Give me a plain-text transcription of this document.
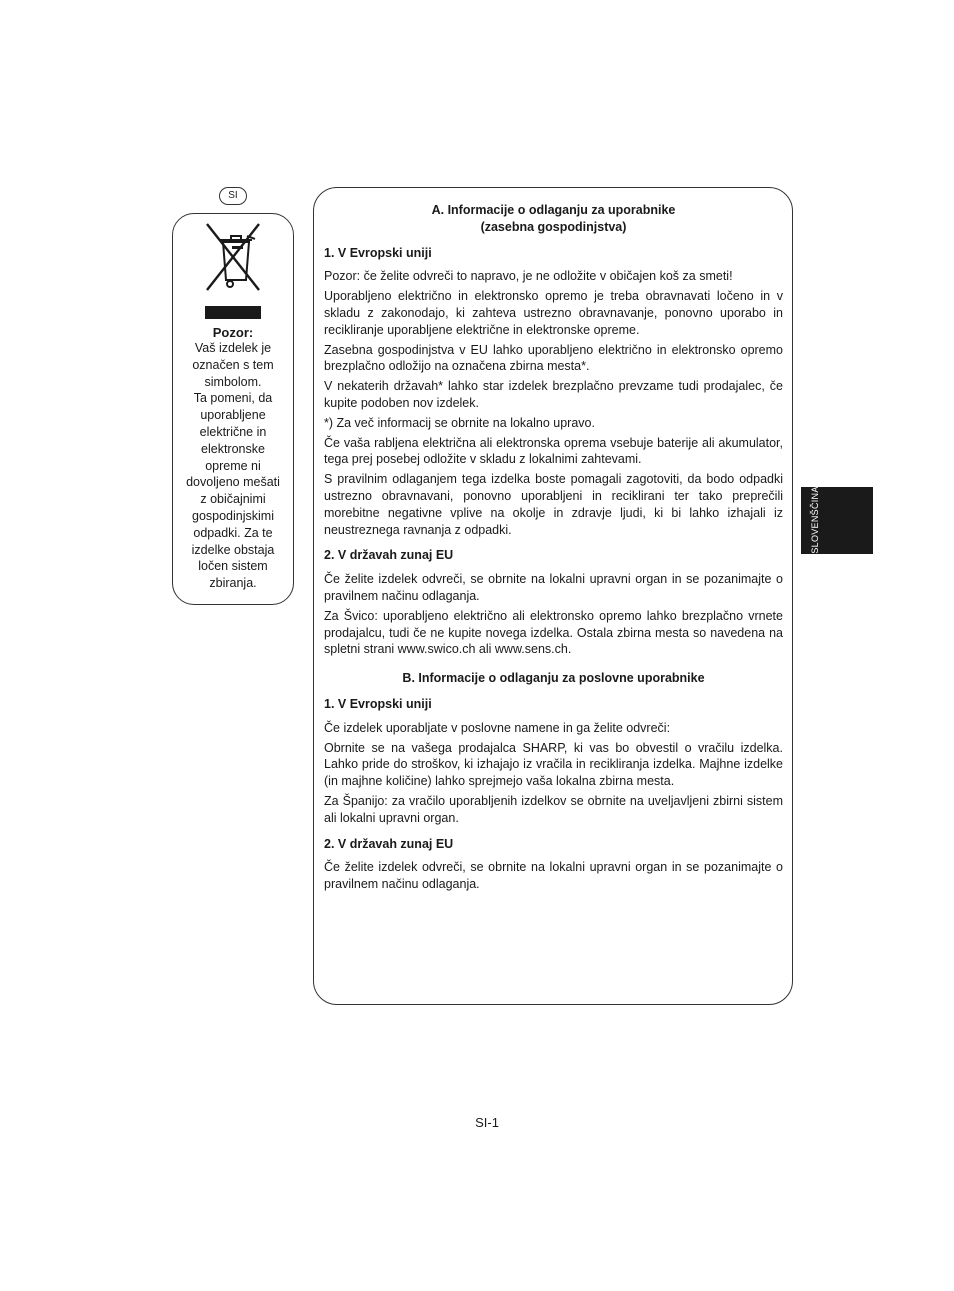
SI
Pozor:
Vaš izdelek je
označen s tem
simbolom.
Ta pomeni, da
uporabljene
električne in
elektronske
opreme ni
dovoljeno mešati
z običajnimi
gospodinjskimi
odpadki. Za te
izdelke obstaja
ločen sistem
zbiranja.
A. Informacije o odlaganju za uporabnike
(zasebna gospodinjstva)
1. V Evropski uniji
Pozor: če želite odvreči to napravo, je ne odložite v običajen koš za smeti!
Uporabljeno električno in elektronsko opremo je treba obravnavati ločeno in v skladu z zakonodajo, ki zahteva ustrezno obravnavanje, ponovno uporabo in recikliranje uporabljene električne in elektronske opreme.
Zasebna gospodinjstva v EU lahko uporabljeno električno in elektronsko opremo brezplačno odložijo na označena zbirna mesta*.
V nekaterih državah* lahko star izdelek brezplačno prevzame tudi prodajalec, če kupite podoben nov izdelek.
*) Za več informacij se obrnite na lokalno upravo.
Če vaša rabljena električna ali elektronska oprema vsebuje baterije ali akumulator, tega prej posebej odložite v skladu z lokalnimi zahtevami.
S pravilnim odlaganjem tega izdelka boste pomagali zagotoviti, da bodo odpadki ustrezno obravnavani, ponovno uporabljeni in reciklirani ter tako preprečili morebitne negativne vplive na okolje in zdravje ljudi, ki bi lahko izhajali iz neustreznega ravnanja z odpadki.
2. V državah zunaj EU
Če želite izdelek odvreči, se obrnite na lokalni upravni organ in se pozanimajte o pravilnem načinu odlaganja.
Za Švico: uporabljeno električno ali elektronsko opremo lahko brezplačno vrnete prodajalcu, tudi če ne kupite novega izdelka. Ostala zbirna mesta so navedena na spletni strani www.swico.ch ali www.sens.ch.
B. Informacije o odlaganju za poslovne uporabnike
1. V Evropski uniji
Če izdelek uporabljate v poslovne namene in ga želite odvreči:
Obrnite se na vašega prodajalca SHARP, ki vas bo obvestil o vračilu izdelka. Lahko pride do stroškov, ki izhajajo iz vračila in recikliranja izdelka. Majhne izdelke (in majhne količine) lahko sprejmejo vaša lokalna zbirna mesta.
Za Španijo: za vračilo uporabljenih izdelkov se obrnite na uveljavljeni zbirni sistem ali lokalni upravni organ.
2. V državah zunaj EU
Če želite izdelek odvreči, se obrnite na lokalni upravni organ in se pozanimajte o pravilnem načinu odlaganja.
SLOVENŠČINA
SI-1
